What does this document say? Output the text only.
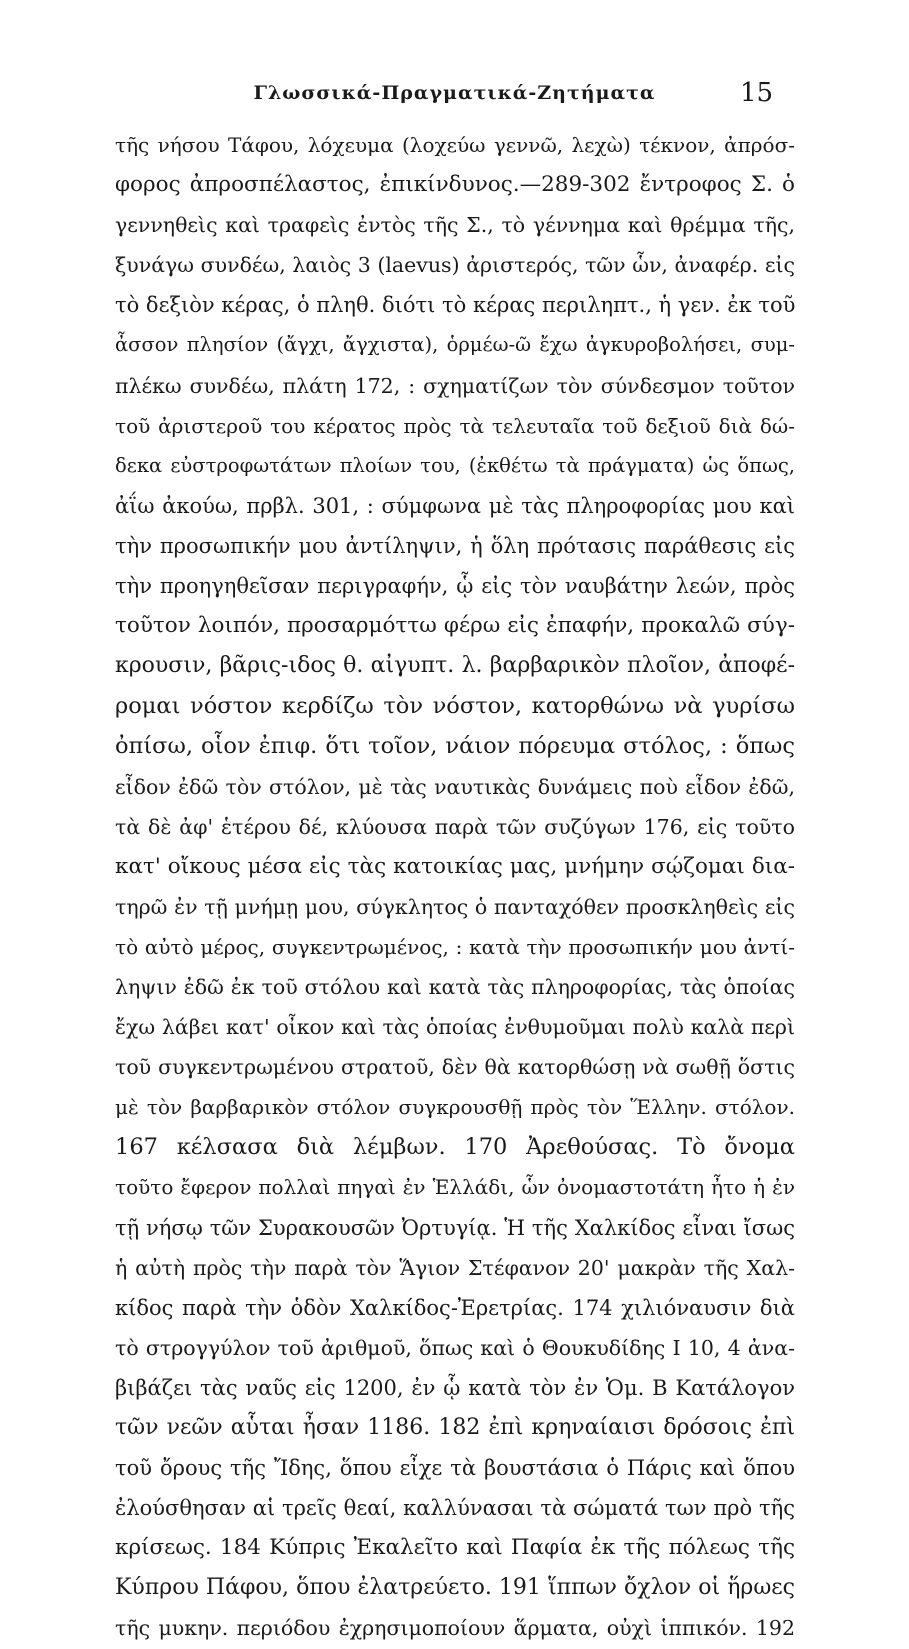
Γλωσσικά-Πραγματικά-Ζητήματα	15
τῆς νήσου Τάφου, λόχευμα (λοχεύω γεννῶ, λεχὼ) τέκνον, ἀπρόσ-
φορος ἀπροσπέλαστος, ἐπικίνδυνος.—289-302 ἔντροφος Σ. ὁ
γεννηθεὶς καὶ τραφεὶς ἐντὸς τῆς Σ., τὸ γέννημα καὶ θρέμμα τῆς,
ξυνάγω συνδέω, λαιὸς 3 (laevus) ἀριστερός, τῶν ὧν, ἀναφέρ. εἰς
τὸ δεξιὸν κέρας, ὁ πληθ. διότι τὸ κέρας περιληπτ., ἡ γεν. ἐκ τοῦ
ἆσσον πλησίον (ἄγχι, ἄγχιστα), ὁρμέω-ῶ ἔχω ἀγκυροβολήσει, συμ-
πλέκω συνδέω, πλάτη 172, : σχηματίζων τὸν σύνδεσμον τοῦτον
τοῦ ἀριστεροῦ του κέρατος πρὸς τὰ τελευταῖα τοῦ δεξιοῦ διὰ δώ-
δεκα εὐστροφωτάτων πλοίων του, (ἐκθέτω τὰ πράγματα) ὡς ὅπως,
ἀΐω ἀκούω, πρβλ. 301, : σύμφωνα μὲ τὰς πληροφορίας μου καὶ
τὴν προσωπικήν μου ἀντίληψιν, ἡ ὅλη πρότασις παράθεσις εἰς
τὴν προηγηθεῖσαν περιγραφήν, ᾧ εἰς τὸν ναυβάτην λεών, πρὸς
τοῦτον λοιπόν, προσαρμόττω φέρω εἰς ἐπαφήν, προκαλῶ σύγ-
κρουσιν, βᾶρις-ιδος θ. αἰγυπτ. λ. βαρβαρικὸν πλοῖον, ἀποφέ-
ρομαι νόστον κερδίζω τὸν νόστον, κατορθώνω νὰ γυρίσω
ὀπίσω, οἷον ἐπιφ. ὅτι τοῖον, νάιον πόρευμα στόλος, : ὅπως
εἶδον ἐδῶ τὸν στόλον, μὲ τὰς ναυτικὰς δυνάμεις ποὺ εἶδον ἐδῶ,
τὰ δὲ ἀφ' ἑτέρου δέ, κλύουσα παρὰ τῶν συζύγων 176, εἰς τοῦτο
κατ' οἴκους μέσα εἰς τὰς κατοικίας μας, μνήμην σῴζομαι δια-
τηρῶ ἐν τῇ μνήμῃ μου, σύγκλητος ὁ πανταχόθεν προσκληθεὶς εἰς
τὸ αὐτὸ μέρος, συγκεντρωμένος, : κατὰ τὴν προσωπικήν μου ἀντί-
ληψιν ἐδῶ ἐκ τοῦ στόλου καὶ κατὰ τὰς πληροφορίας, τὰς ὁποίας
ἔχω λάβει κατ' οἶκον καὶ τὰς ὁποίας ἐνθυμοῦμαι πολὺ καλὰ περὶ
τοῦ συγκεντρωμένου στρατοῦ, δὲν θὰ κατορθώσῃ νὰ σωθῇ ὅστις
μὲ τὸν βαρβαρικὸν στόλον συγκρουσθῇ πρὸς τὸν Ἕλλην. στόλον.
167 κέλσασα διὰ λέμβων. 170 Ἀρεθούσας. Τὸ ὄνομα
τοῦτο ἔφερον πολλαὶ πηγαὶ ἐν Ἑλλάδι, ὧν ὀνομαστοτάτη ἦτο ἡ ἐν
τῇ νήσῳ τῶν Συρακουσῶν Ὀρτυγίᾳ. Ἡ τῆς Χαλκίδος εἶναι ἴσως
ἡ αὐτὴ πρὸς τὴν παρὰ τὸν Ἅγιον Στέφανον 20' μακρὰν τῆς Χαλ-
κίδος παρὰ τὴν ὁδὸν Χαλκίδος-Ἐρετρίας. 174 χιλιόναυσιν διὰ
τὸ στρογγύλον τοῦ ἀριθμοῦ, ὅπως καὶ ὁ Θουκυδίδης I 10, 4 ἀνα-
βιβάζει τὰς ναῦς εἰς 1200, ἐν ᾧ κατὰ τὸν ἐν Ὁμ. B Κατάλογον
τῶν νεῶν αὗται ἦσαν 1186. 182 ἐπὶ κρηναίαισι δρόσοις ἐπὶ
τοῦ ὄρους τῆς Ἴδης, ὅπου εἶχε τὰ βουστάσια ὁ Πάρις καὶ ὅπου
ἐλούσθησαν αἱ τρεῖς θεαί, καλλύνασαι τὰ σώματά των πρὸ τῆς
κρίσεως. 184 Κύπρις Ἐκαλεῖτο καὶ Παφία ἐκ τῆς πόλεως τῆς
Κύπρου Πάφου, ὅπου ἐλατρεύετο. 191 ἵππων ὄχλον οἱ ἥρωες
τῆς μυκην. περιόδου ἐχρησιμοποίουν ἅρματα, οὐχὶ ἱππικόν. 192
